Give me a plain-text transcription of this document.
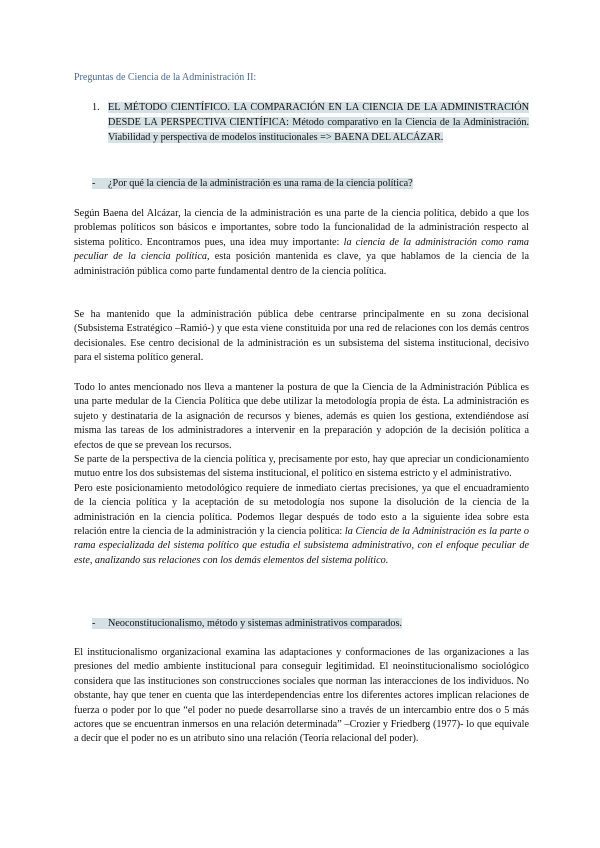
Preguntas de Ciencia de la Administración II:
1. EL MÉTODO CIENTÍFICO. LA COMPARACIÓN EN LA CIENCIA DE LA ADMINISTRACIÓN DESDE LA PERSPECTIVA CIENTÍFICA: Método comparativo en la Ciencia de la Administración. Viabilidad y perspectiva de modelos institucionales => BAENA DEL ALCÁZAR.
- ¿Por qué la ciencia de la administración es una rama de la ciencia política?

Según Baena del Alcázar, la ciencia de la administración es una parte de la ciencia política, debido a que los problemas políticos son básicos e importantes, sobre todo la funcionalidad de la administración respecto al sistema político. Encontramos pues, una idea muy importante: la ciencia de la administración como rama peculiar de la ciencia política, esta posición mantenida es clave, ya que hablamos de la ciencia de la administración pública como parte fundamental dentro de la ciencia política.

Se ha mantenido que la administración pública debe centrarse principalmente en su zona decisional (Subsistema Estratégico –Ramió-) y que esta viene constituida por una red de relaciones con los demás centros decisionales. Ese centro decisional de la administración es un subsistema del sistema institucional, decisivo para el sistema político general.

Todo lo antes mencionado nos lleva a mantener la postura de que la Ciencia de la Administración Pública es una parte medular de la Ciencia Política que debe utilizar la metodología propia de ésta. La administración es sujeto y destinataria de la asignación de recursos y bienes, además es quien los gestiona, extendiéndose así misma las tareas de los administradores a intervenir en la preparación y adopción de la decisión política a efectos de que se prevean los recursos.

Se parte de la perspectiva de la ciencia política y, precisamente por esto, hay que apreciar un condicionamiento mutuo entre los dos subsistemas del sistema institucional, el político en sistema estricto y el administrativo.

Pero este posicionamiento metodológico requiere de inmediato ciertas precisiones, ya que el encuadramiento de la ciencia política y la aceptación de su metodología nos supone la disolución de la ciencia de la administración en la ciencia política. Podemos llegar después de todo esto a la siguiente idea sobre esta relación entre la ciencia de la administración y la ciencia política: la Ciencia de la Administración es la parte o rama especializada del sistema político que estudia el subsistema administrativo, con el enfoque peculiar de este, analizando sus relaciones con los demás elementos del sistema político.

- Neoconstitucionalismo, método y sistemas administrativos comparados.

El institucionalismo organizacional examina las adaptaciones y conformaciones de las organizaciones a las presiones del medio ambiente institucional para conseguir legitimidad. El neoinstitucionalismo sociológico considera que las instituciones son construcciones sociales que norman las interacciones de los individuos. No obstante, hay que tener en cuenta que las interdependencias entre los diferentes actores implican relaciones de fuerza o poder por lo que “el poder no puede desarrollarse sino a través de un intercambio entre dos o 5 más actores que se encuentran inmersos en una relación determinada” –Crozier y Friedberg (1977)- lo que equivale a decir que el poder no es un atributo sino una relación (Teoría relacional del poder).
